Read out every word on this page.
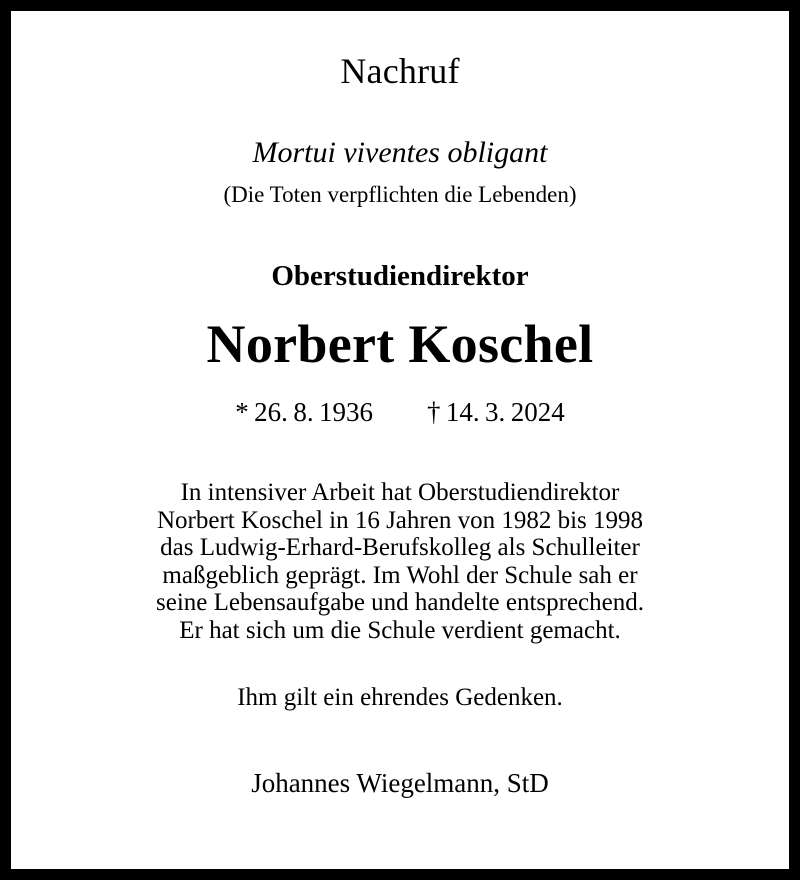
Nachruf
Mortui viventes obligant
(Die Toten verpflichten die Lebenden)
Oberstudiendirektor
Norbert Koschel
* 26. 8. 1936  † 14. 3. 2024
In intensiver Arbeit hat Oberstudiendirektor
Norbert Koschel in 16 Jahren von 1982 bis 1998
das Ludwig-Erhard-Berufskolleg als Schulleiter
maßgeblich geprägt. Im Wohl der Schule sah er
seine Lebensaufgabe und handelte entsprechend.
Er hat sich um die Schule verdient gemacht.
Ihm gilt ein ehrendes Gedenken.
Johannes Wiegelmann, StD
